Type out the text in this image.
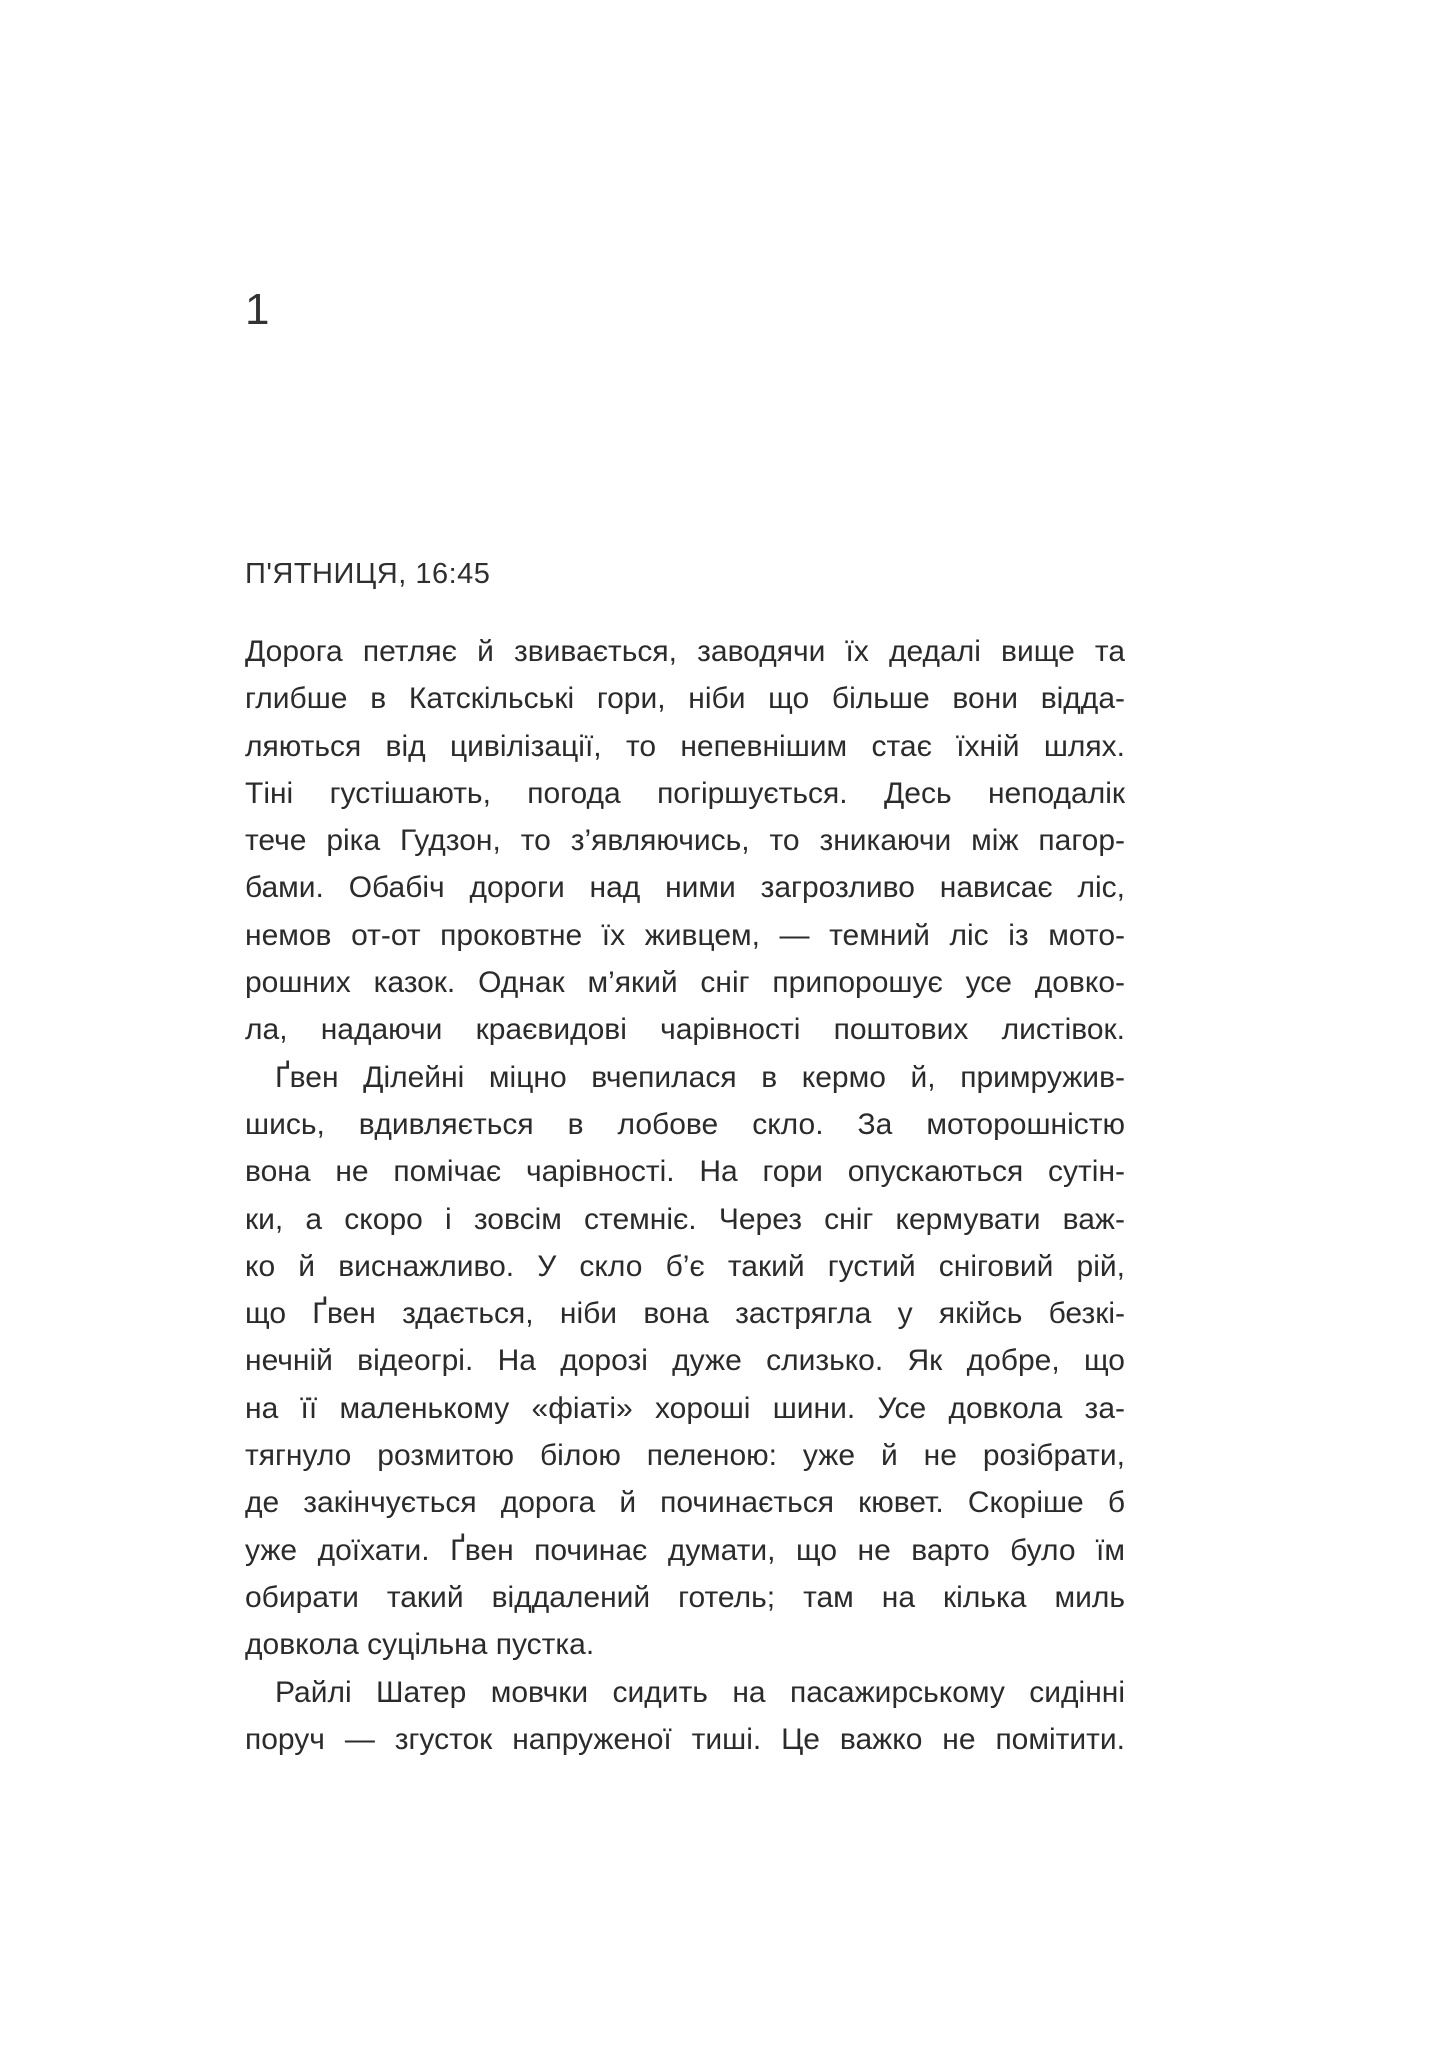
1
П'ЯТНИЦЯ, 16:45
Дорога петляє й звивається, заводячи їх дедалі вище та
глибше в Катскільські гори, ніби що більше вони відда-
ляються від цивілізації, то непевнішим стає їхній шлях.
Тіні густішають, погода погіршується. Десь неподалік
тече ріка Гудзон, то з’являючись, то зникаючи між пагор-
бами. Обабіч дороги над ними загрозливо нависає ліс,
немов от-от проковтне їх живцем, — темний ліс із мото-
рошних казок. Однак м’який сніг припорошує усе довко-
ла, надаючи краєвидові чарівності поштових листівок.
Ґвен Ділейні міцно вчепилася в кермо й, примружив-
шись, вдивляється в лобове скло. За моторошністю
вона не помічає чарівності. На гори опускаються сутін-
ки, а скоро і зовсім стемніє. Через сніг кермувати важ-
ко й виснажливо. У скло б’є такий густий сніговий рій,
що Ґвен здається, ніби вона застрягла у якійсь безкі-
нечній відеогрі. На дорозі дуже слизько. Як добре, що
на її маленькому «фіаті» хороші шини. Усе довкола за-
тягнуло розмитою білою пеленою: уже й не розібрати,
де закінчується дорога й починається кювет. Скоріше б
уже доїхати. Ґвен починає думати, що не варто було їм
обирати такий віддалений готель; там на кілька миль
довкола суцільна пустка.
Райлі Шатер мовчки сидить на пасажирському сидінні
поруч — згусток напруженої тиші. Це важко не помітити.
